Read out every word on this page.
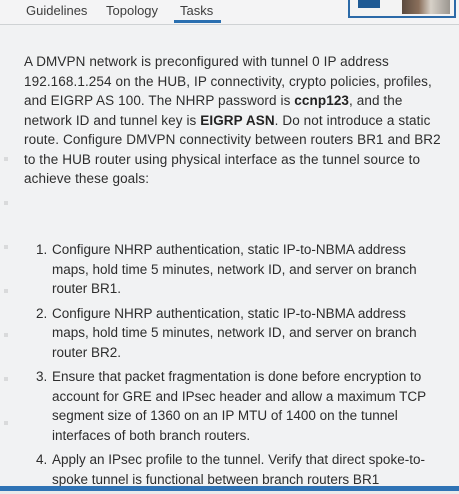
Guidelines Topology Tasks
A DMVPN network is preconfigured with tunnel 0 IP address 192.168.1.254 on the HUB, IP connectivity, crypto policies, profiles, and EIGRP AS 100. The NHRP password is ccnp123, and the network ID and tunnel key is EIGRP ASN. Do not introduce a static route. Configure DMVPN connectivity between routers BR1 and BR2 to the HUB router using physical interface as the tunnel source to achieve these goals:
1. Configure NHRP authentication, static IP-to-NBMA address maps, hold time 5 minutes, network ID, and server on branch router BR1.
2. Configure NHRP authentication, static IP-to-NBMA address maps, hold time 5 minutes, network ID, and server on branch router BR2.
3. Ensure that packet fragmentation is done before encryption to account for GRE and IPsec header and allow a maximum TCP segment size of 1360 on an IP MTU of 1400 on the tunnel interfaces of both branch routers.
4. Apply an IPsec profile to the tunnel. Verify that direct spoke-to-spoke tunnel is functional between branch routers BR1
